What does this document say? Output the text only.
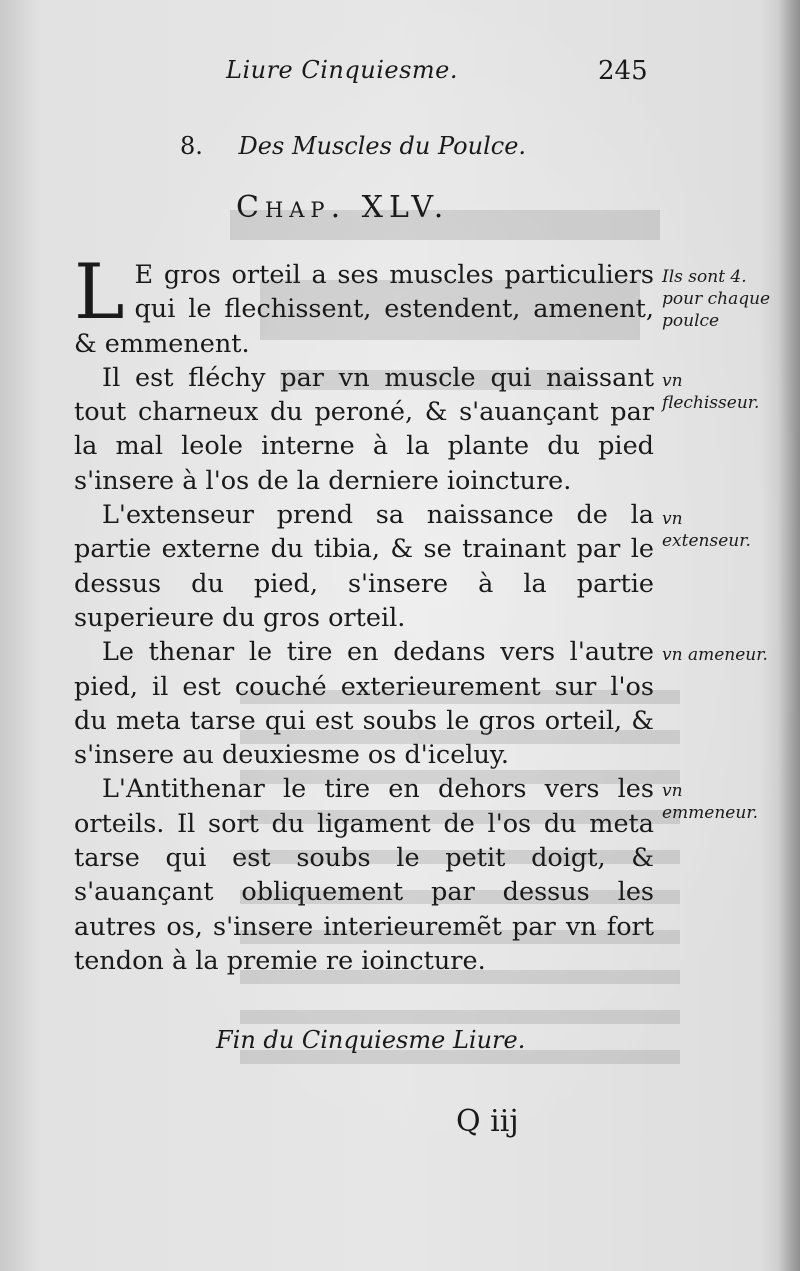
Liure Cinquiesme.	245
8. Des Muscles du Poulce.
Chap. XLV.

L E gros orteil a ses muscles particuliers qui le flechissent, estendent, amenent, & emmenent.

Il est fléchy par vn muscle qui naissant tout charneux du peroné, & s'auançant par la mal leole interne à la plante du pied s'insere à l'os de la derniere ioincture.

L'extenseur prend sa naissance de la partie externe du tibia, & se trainant par le dessus du pied, s'insere à la partie superieure du gros orteil.

Le thenar le tire en dedans vers l'autre pied, il est couché exterieurement sur l'os du meta tarse qui est soubs le gros orteil, & s'insere au deuxiesme os d'iceluy.

L'Antithenar le tire en dehors vers les orteils. Il sort du ligament de l'os du meta tarse qui est soubs le petit doigt, & s'auançant obliquement par dessus les autres os, s'insere interieuremẽt par vn fort tendon à la premie re ioincture.

Ils sont 4. pour chaque poulce
vn flechisseur.
vn extenseur.
vn ameneur.
vn emmeneur.
Fin du Cinquiesme Liure.
Q iij
